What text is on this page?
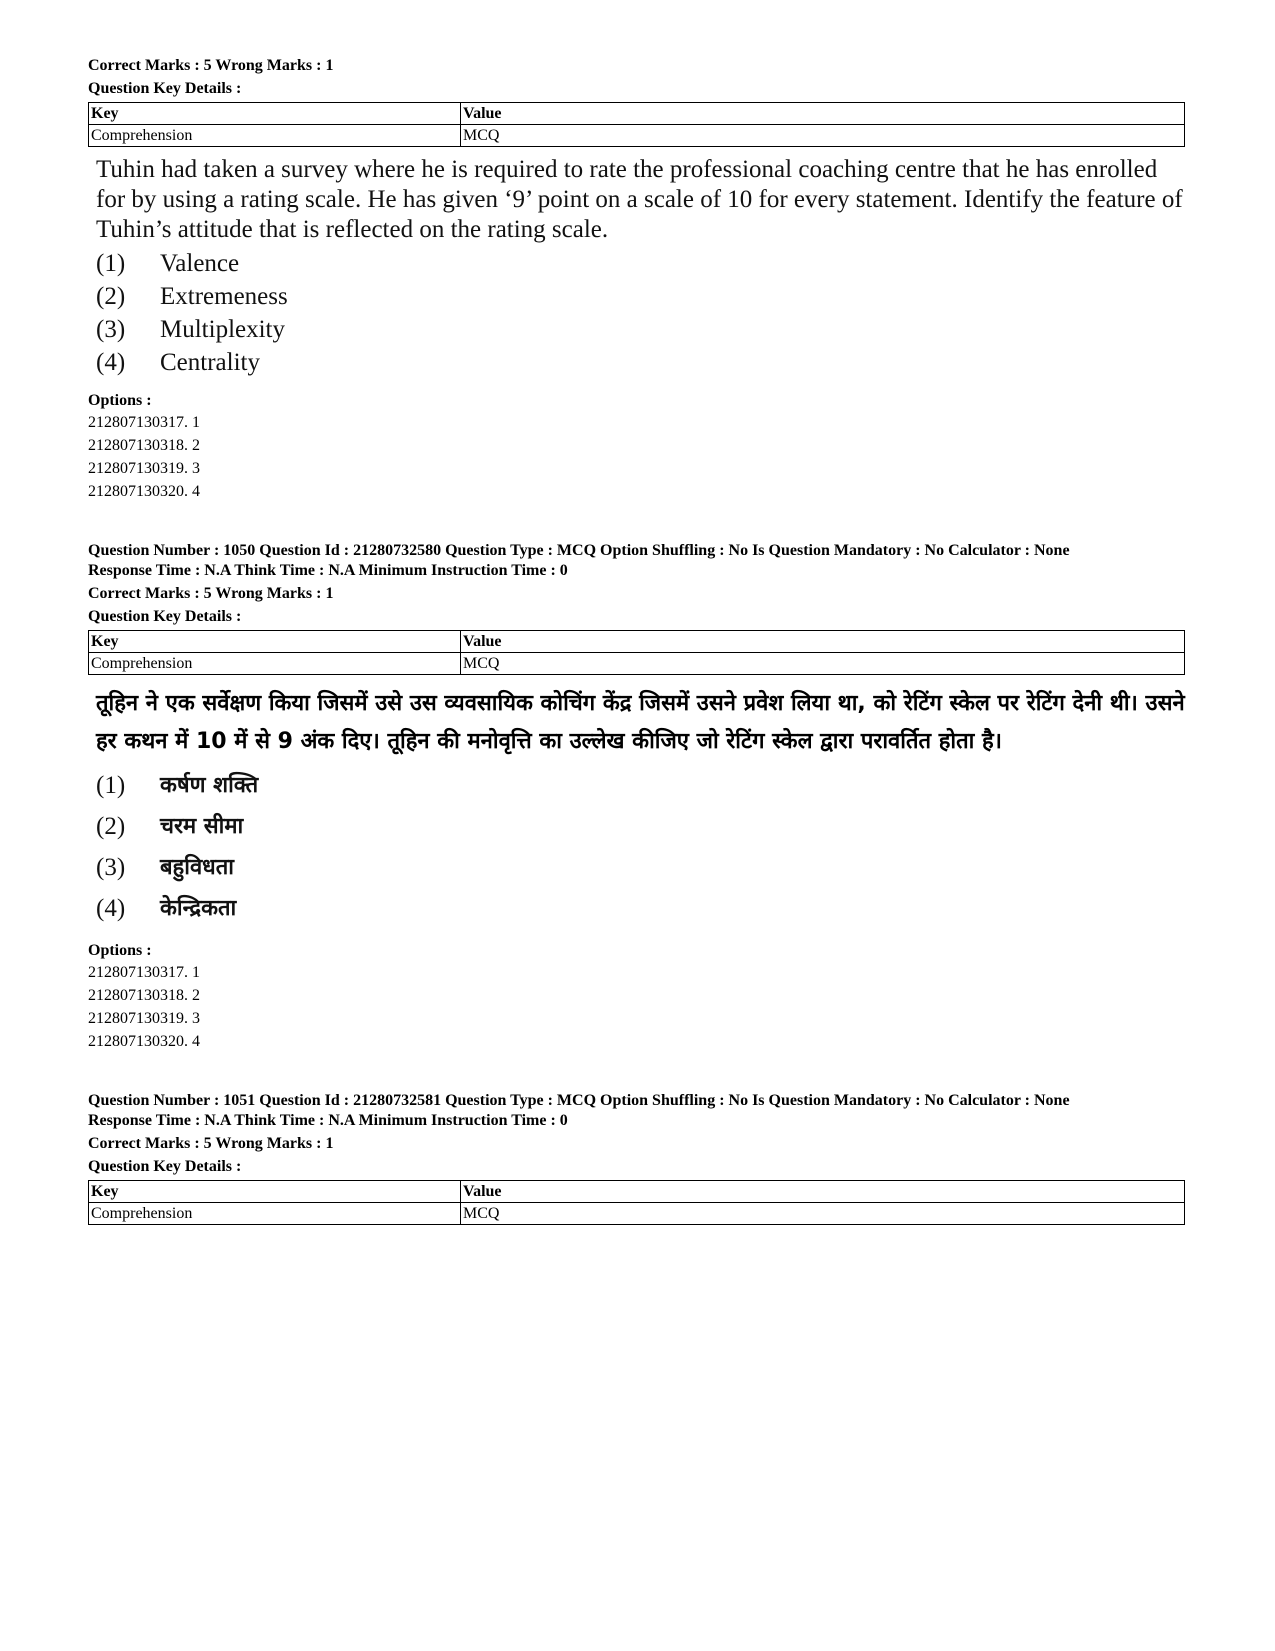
Correct Marks : 5 Wrong Marks : 1
Question Key Details :
Key	Value
Comprehension	MCQ
Tuhin had taken a survey where he is required to rate the professional coaching centre that he has enrolled for by using a rating scale. He has given ‘9’ point on a scale of 10 for every statement. Identify the feature of Tuhin’s attitude that is reflected on the rating scale.
(1)	Valence
(2)	Extremeness
(3)	Multiplexity
(4)	Centrality
Options :
212807130317. 1
212807130318. 2
212807130319. 3
212807130320. 4
Question Number : 1050 Question Id : 21280732580 Question Type : MCQ Option Shuffling : No Is Question Mandatory : No Calculator : None
Response Time : N.A Think Time : N.A Minimum Instruction Time : 0
Correct Marks : 5 Wrong Marks : 1
Question Key Details :
Key	Value
Comprehension	MCQ
तूहिन ने एक सर्वेक्षण किया जिसमें उसे उस व्यवसायिक कोचिंग केंद्र जिसमें उसने प्रवेश लिया था, को रेटिंग स्केल पर रेटिंग देनी थी। उसने हर कथन में 10 में से 9 अंक दिए। तूहिन की मनोवृत्ति का उल्लेख कीजिए जो रेटिंग स्केल द्वारा परावर्तित होता है।
(1)	कर्षण शक्ति
(2)	चरम सीमा
(3)	बहुविधता
(4)	केन्द्रिकता
Options :
212807130317. 1
212807130318. 2
212807130319. 3
212807130320. 4
Question Number : 1051 Question Id : 21280732581 Question Type : MCQ Option Shuffling : No Is Question Mandatory : No Calculator : None
Response Time : N.A Think Time : N.A Minimum Instruction Time : 0
Correct Marks : 5 Wrong Marks : 1
Question Key Details :
Key	Value
Comprehension	MCQ
